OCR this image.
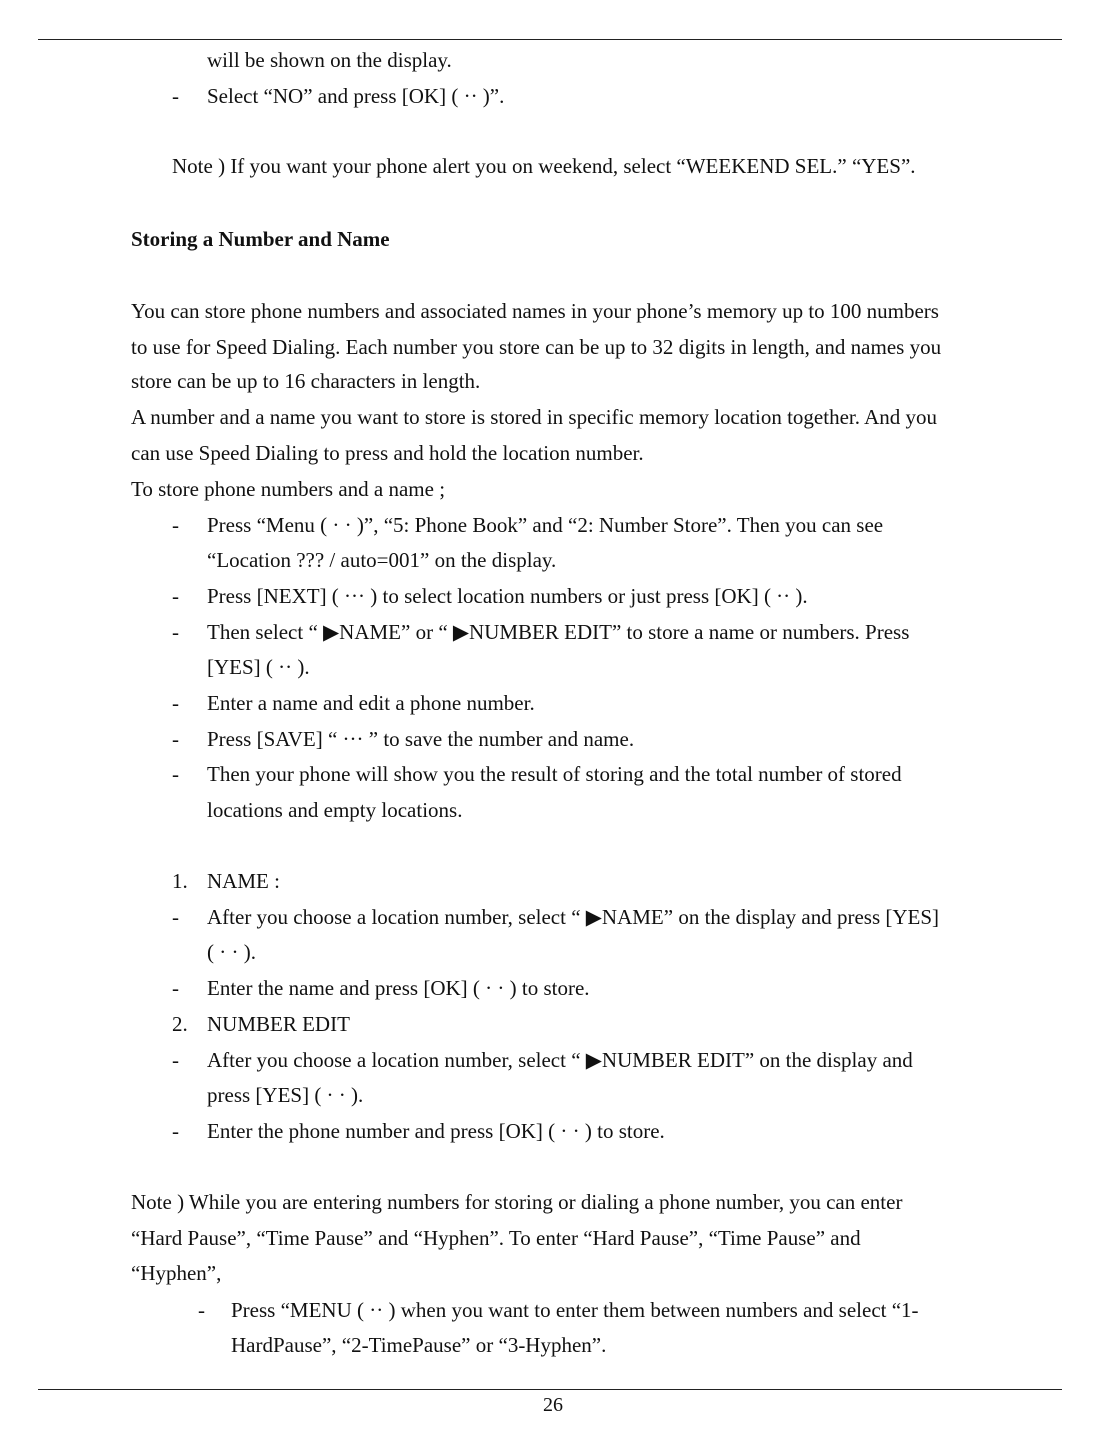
will be shown on the display.
- Select “NO” and press [OK] ( ·· )”.
Note ) If you want your phone alert you on weekend, select “WEEKEND SEL.” “YES”.
Storing a Number and Name
You can store phone numbers and associated names in your phone’s memory up to 100 numbers
to use for Speed Dialing. Each number you store can be up to 32 digits in length, and names you
store can be up to 16 characters in length.
A number and a name you want to store is stored in specific memory location together. And you
can use Speed Dialing to press and hold the location number.
To store phone numbers and a name ;
- Press “Menu ( · · )”, “5: Phone Book” and “2: Number Store”. Then you can see
“Location ??? / auto=001” on the display.
- Press [NEXT] ( ··· ) to select location numbers or just press [OK] ( ·· ).
- Then select “ ▶NAME” or “ ▶NUMBER EDIT” to store a name or numbers. Press
[YES] ( ·· ).
- Enter a name and edit a phone number.
- Press [SAVE] “ ··· ” to save the number and name.
- Then your phone will show you the result of storing and the total number of stored
locations and empty locations.
1. NAME :
- After you choose a location number, select “ ▶NAME” on the display and press [YES]
( · · ).
- Enter the name and press [OK] ( · · ) to store.
2. NUMBER EDIT
- After you choose a location number, select “ ▶NUMBER EDIT” on the display and
press [YES] ( · · ).
- Enter the phone number and press [OK] ( · · ) to store.
Note ) While you are entering numbers for storing or dialing a phone number, you can enter
“Hard Pause”, “Time Pause” and “Hyphen”. To enter “Hard Pause”, “Time Pause” and
“Hyphen”,
- Press “MENU ( ·· ) when you want to enter them between numbers and select “1-
HardPause”, “2-TimePause” or “3-Hyphen”.
26
